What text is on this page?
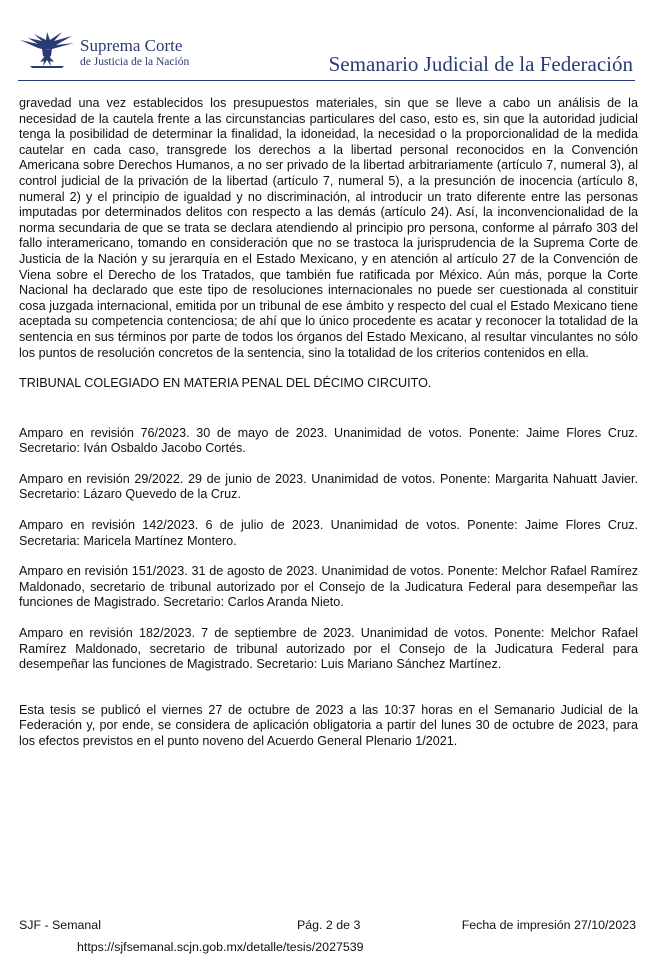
Suprema Corte
de Justicia de la Nación	Semanario Judicial de la Federación

gravedad una vez establecidos los presupuestos materiales, sin que se lleve a cabo un análisis de la necesidad de la cautela frente a las circunstancias particulares del caso, esto es, sin que la autoridad judicial tenga la posibilidad de determinar la finalidad, la idoneidad, la necesidad o la proporcionalidad de la medida cautelar en cada caso, transgrede los derechos a la libertad personal reconocidos en la Convención Americana sobre Derechos Humanos, a no ser privado de la libertad arbitrariamente (artículo 7, numeral 3), al control judicial de la privación de la libertad (artículo 7, numeral 5), a la presunción de inocencia (artículo 8, numeral 2) y el principio de igualdad y no discriminación, al introducir un trato diferente entre las personas imputadas por determinados delitos con respecto a las demás (artículo 24). Así, la inconvencionalidad de la norma secundaria de que se trata se declara atendiendo al principio pro persona, conforme al párrafo 303 del fallo interamericano, tomando en consideración que no se trastoca la jurisprudencia de la Suprema Corte de Justicia de la Nación y su jerarquía en el Estado Mexicano, y en atención al artículo 27 de la Convención de Viena sobre el Derecho de los Tratados, que también fue ratificada por México. Aún más, porque la Corte Nacional ha declarado que este tipo de resoluciones internacionales no puede ser cuestionada al constituir cosa juzgada internacional, emitida por un tribunal de ese ámbito y respecto del cual el Estado Mexicano tiene aceptada su competencia contenciosa; de ahí que lo único procedente es acatar y reconocer la totalidad de la sentencia en sus términos por parte de todos los órganos del Estado Mexicano, al resultar vinculantes no sólo los puntos de resolución concretos de la sentencia, sino la totalidad de los criterios contenidos en ella.

TRIBUNAL COLEGIADO EN MATERIA PENAL DEL DÉCIMO CIRCUITO.

Amparo en revisión 76/2023. 30 de mayo de 2023. Unanimidad de votos. Ponente: Jaime Flores Cruz. Secretario: Iván Osbaldo Jacobo Cortés.

Amparo en revisión 29/2022. 29 de junio de 2023. Unanimidad de votos. Ponente: Margarita Nahuatt Javier. Secretario: Lázaro Quevedo de la Cruz.

Amparo en revisión 142/2023. 6 de julio de 2023. Unanimidad de votos. Ponente: Jaime Flores Cruz. Secretaria: Maricela Martínez Montero.

Amparo en revisión 151/2023. 31 de agosto de 2023. Unanimidad de votos. Ponente: Melchor Rafael Ramírez Maldonado, secretario de tribunal autorizado por el Consejo de la Judicatura Federal para desempeñar las funciones de Magistrado. Secretario: Carlos Aranda Nieto.

Amparo en revisión 182/2023. 7 de septiembre de 2023. Unanimidad de votos. Ponente: Melchor Rafael Ramírez Maldonado, secretario de tribunal autorizado por el Consejo de la Judicatura Federal para desempeñar las funciones de Magistrado. Secretario: Luis Mariano Sánchez Martínez.

Esta tesis se publicó el viernes 27 de octubre de 2023 a las 10:37 horas en el Semanario Judicial de la Federación y, por ende, se considera de aplicación obligatoria a partir del lunes 30 de octubre de 2023, para los efectos previstos en el punto noveno del Acuerdo General Plenario 1/2021.

SJF - Semanal	Pág. 2 de 3	Fecha de impresión 27/10/2023
https://sjfsemanal.scjn.gob.mx/detalle/tesis/2027539
